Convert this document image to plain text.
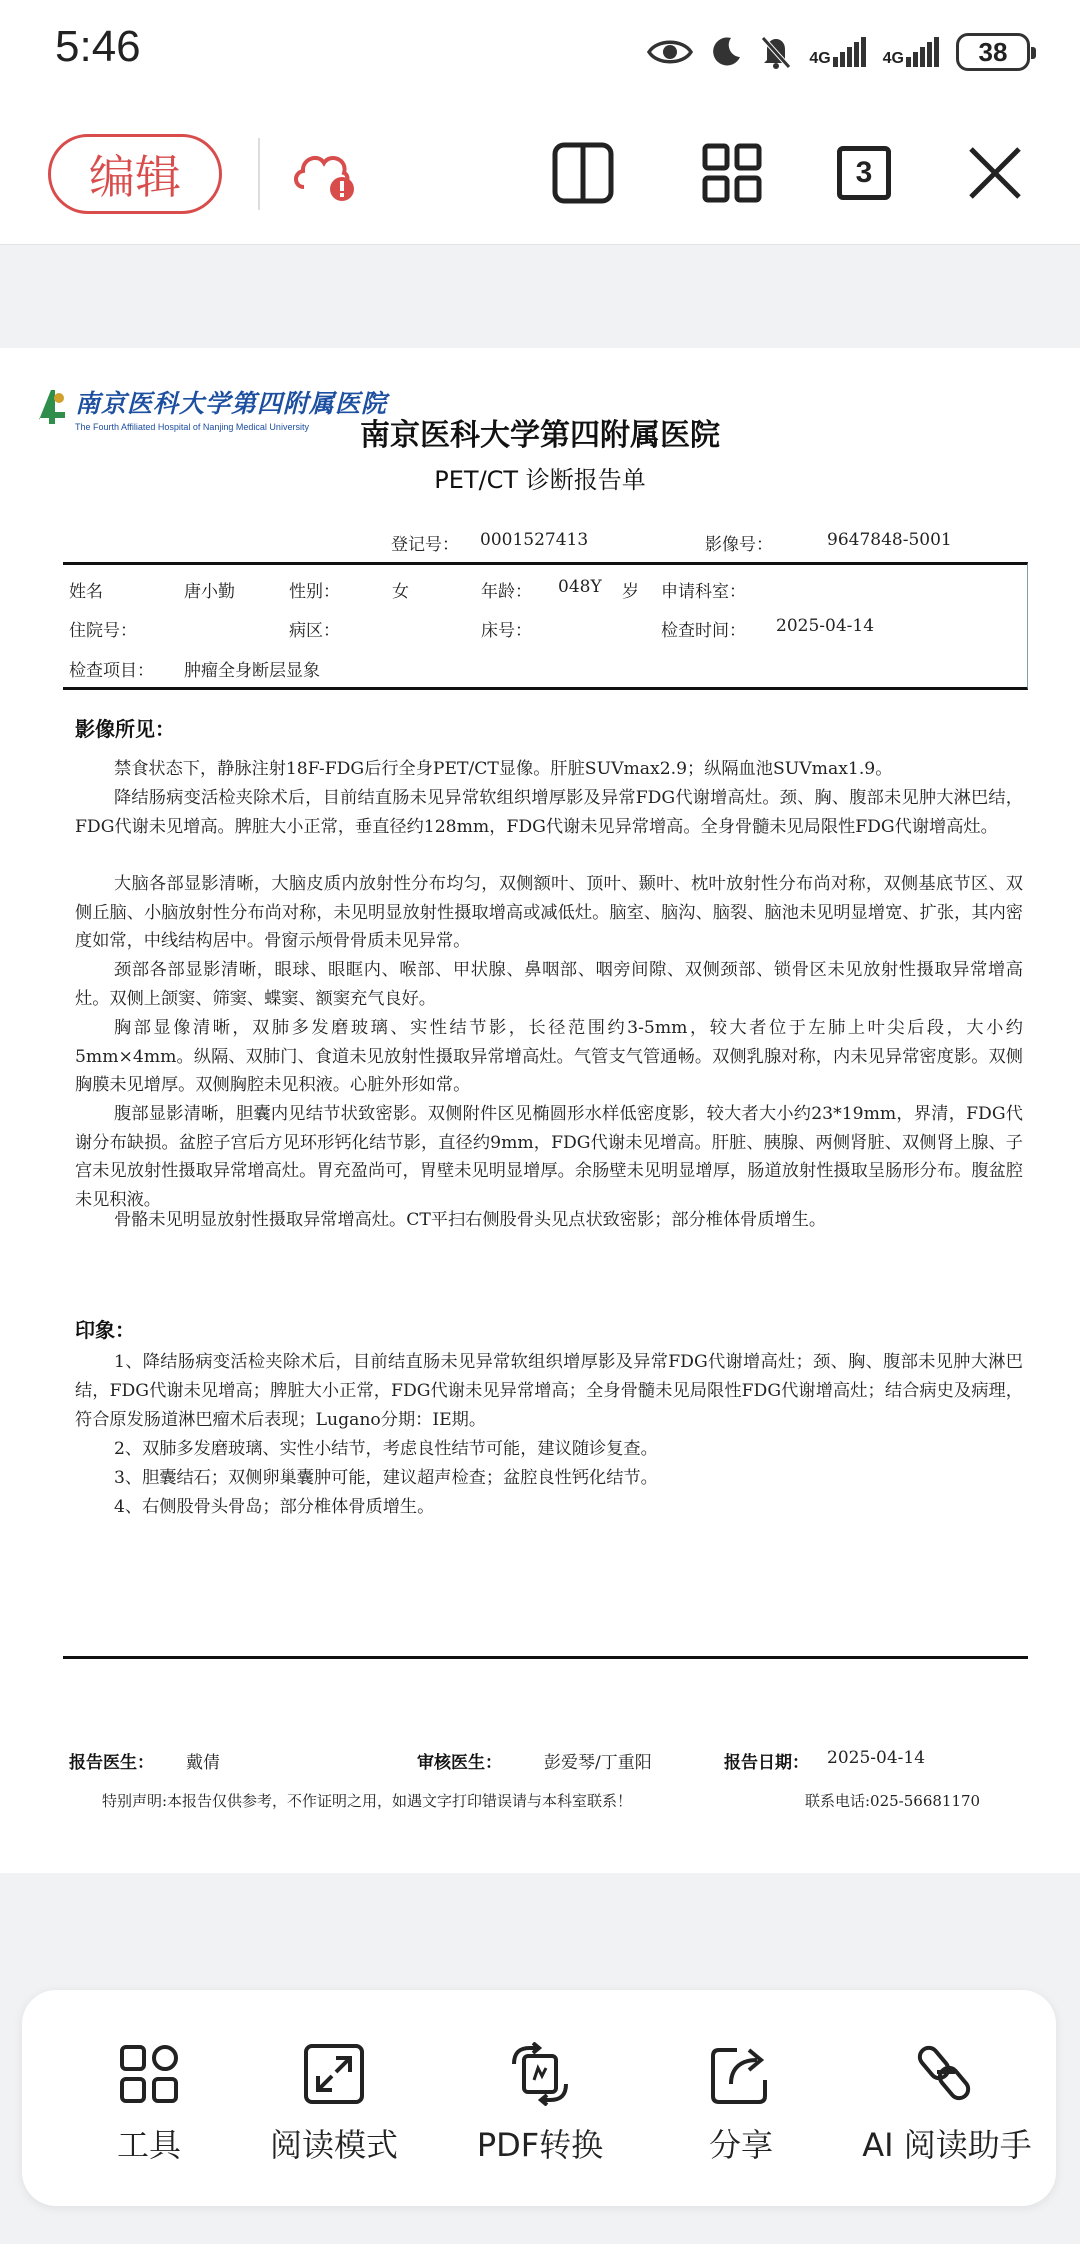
5:46	4G	4G	38
编辑	3
南京医科大学第四附属医院
The Fourth Affiliated Hospital of Nanjing Medical University	南京医科大学第四附属医院
PET/CT 诊断报告单
登记号： 0001527413	影像号：	9647848-5001
姓名	唐小勤	性别：	女	年龄： 048Y 岁 申请科室：
住院号：	病区：	床号：	检查时间： 2025-04-14
检查项目： 肿瘤全身断层显象
影像所见：
禁食状态下，静脉注射18F-FDG后行全身PET/CT显像。肝脏SUVmax2.9；纵隔血池SUVmax1.9。
降结肠病变活检夹除术后，目前结直肠未见异常软组织增厚影及异常FDG代谢增高灶。颈、胸、腹部未见肿大淋巴结，FDG代谢未见增高。脾脏大小正常，垂直径约128mm，FDG代谢未见异常增高。全身骨髓未见局限性FDG代谢增高灶。
大脑各部显影清晰，大脑皮质内放射性分布均匀，双侧额叶、顶叶、颞叶、枕叶放射性分布尚对称，双侧基底节区、双侧丘脑、小脑放射性分布尚对称，未见明显放射性摄取增高或减低灶。脑室、脑沟、脑裂、脑池未见明显增宽、扩张，其内密度如常，中线结构居中。骨窗示颅骨骨质未见异常。
颈部各部显影清晰，眼球、眼眶内、喉部、甲状腺、鼻咽部、咽旁间隙、双侧颈部、锁骨区未见放射性摄取异常增高灶。双侧上颌窦、筛窦、蝶窦、额窦充气良好。
胸部显像清晰，双肺多发磨玻璃、实性结节影，长径范围约3-5mm，较大者位于左肺上叶尖后段，大小约5mm×4mm。纵隔、双肺门、食道未见放射性摄取异常增高灶。气管支气管通畅。双侧乳腺对称，内未见异常密度影。双侧胸膜未见增厚。双侧胸腔未见积液。心脏外形如常。
腹部显影清晰，胆囊内见结节状致密影。双侧附件区见椭圆形水样低密度影，较大者大小约23*19mm，界清，FDG代谢分布缺损。盆腔子宫后方见环形钙化结节影，直径约9mm，FDG代谢未见增高。肝脏、胰腺、两侧肾脏、双侧肾上腺、子宫未见放射性摄取异常增高灶。胃充盈尚可，胃壁未见明显增厚。余肠壁未见明显增厚，肠道放射性摄取呈肠形分布。腹盆腔未见积液。
骨骼未见明显放射性摄取异常增高灶。CT平扫右侧股骨头见点状致密影；部分椎体骨质增生。
印象：
1、降结肠病变活检夹除术后，目前结直肠未见异常软组织增厚影及异常FDG代谢增高灶；颈、胸、腹部未见肿大淋巴结，FDG代谢未见增高；脾脏大小正常，FDG代谢未见异常增高；全身骨髓未见局限性FDG代谢增高灶；结合病史及病理，符合原发肠道淋巴瘤术后表现；Lugano分期：IE期。
2、双肺多发磨玻璃、实性小结节，考虑良性结节可能，建议随诊复查。
3、胆囊结石；双侧卵巢囊肿可能，建议超声检查；盆腔良性钙化结节。
4、右侧股骨头骨岛；部分椎体骨质增生。
报告医生： 戴倩	审核医生： 彭爱琴/丁重阳	报告日期： 2025-04-14
特别声明:本报告仅供参考，不作证明之用，如遇文字打印错误请与本科室联系！	联系电话:025-56681170
工具	阅读模式 PDF转换	分享	AI 阅读助手
